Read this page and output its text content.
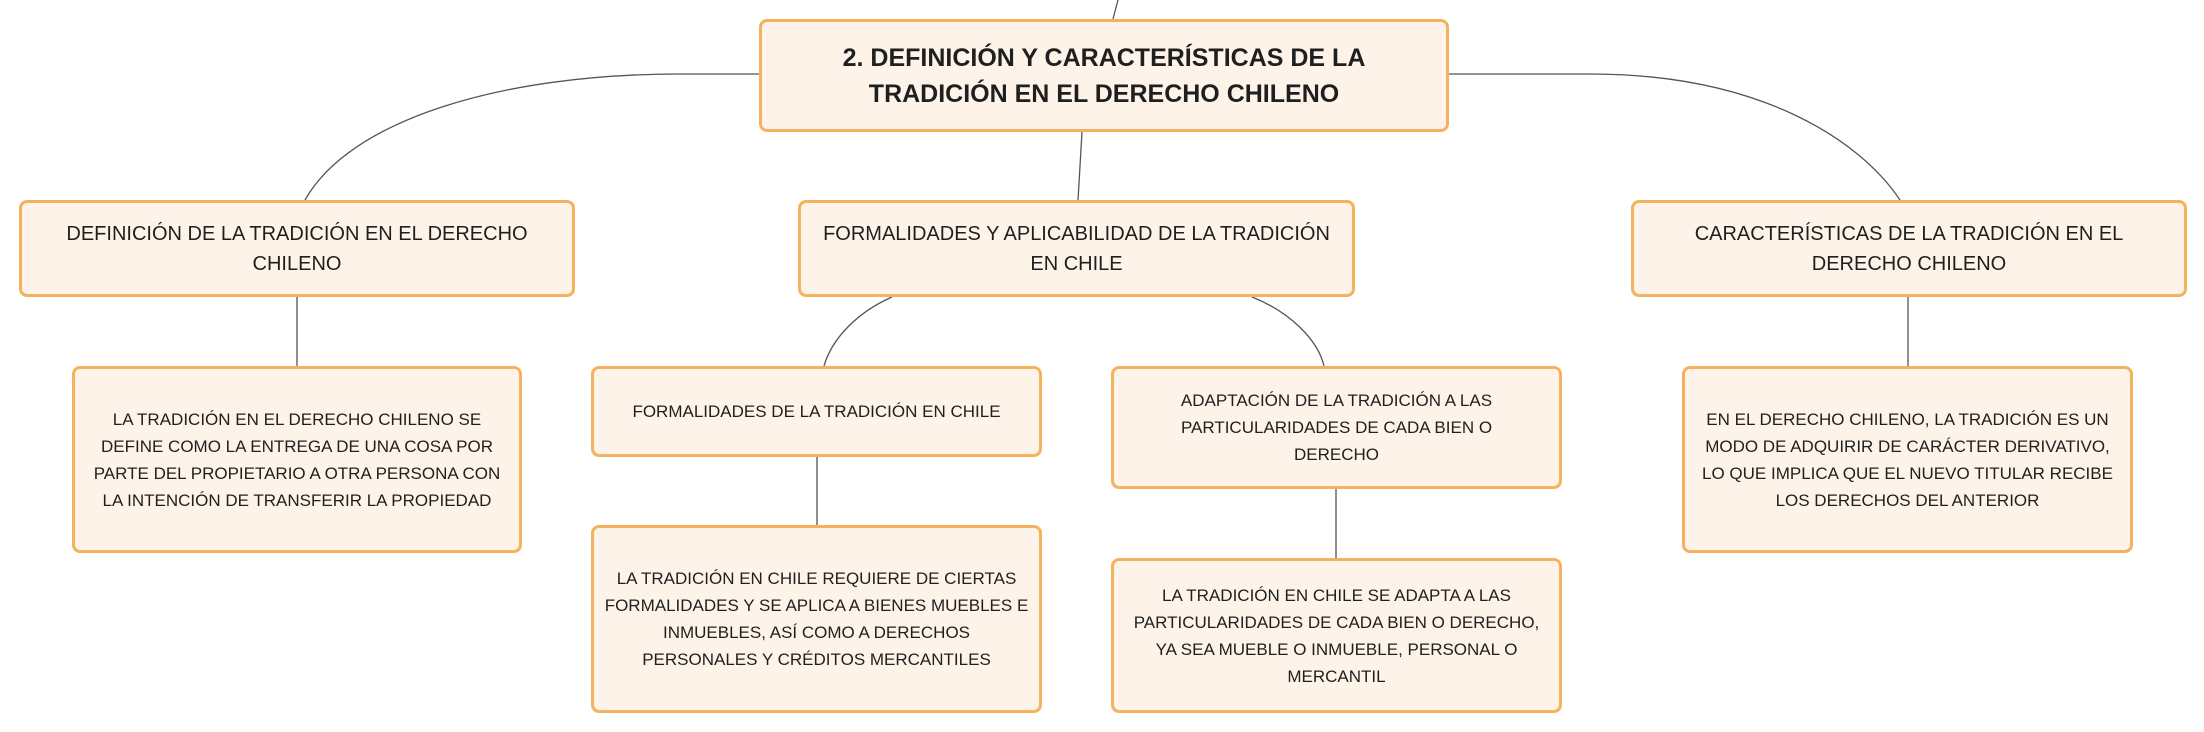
2. DEFINICIÓN Y CARACTERÍSTICAS DE LA TRADICIÓN EN EL DERECHO CHILENO
DEFINICIÓN DE LA TRADICIÓN EN EL DERECHO CHILENO
FORMALIDADES Y APLICABILIDAD DE LA TRADICIÓN EN CHILE
CARACTERÍSTICAS DE LA TRADICIÓN EN EL DERECHO CHILENO
LA TRADICIÓN EN EL DERECHO CHILENO SE DEFINE COMO LA ENTREGA DE UNA COSA POR PARTE DEL PROPIETARIO A OTRA PERSONA CON LA INTENCIÓN DE TRANSFERIR LA PROPIEDAD
FORMALIDADES DE LA TRADICIÓN EN CHILE
ADAPTACIÓN DE LA TRADICIÓN A LAS PARTICULARIDADES DE CADA BIEN O DERECHO
LA TRADICIÓN EN CHILE REQUIERE DE CIERTAS FORMALIDADES Y SE APLICA A BIENES MUEBLES E INMUEBLES, ASÍ COMO A DERECHOS PERSONALES Y CRÉDITOS MERCANTILES
LA TRADICIÓN EN CHILE SE ADAPTA A LAS PARTICULARIDADES DE CADA BIEN O DERECHO, YA SEA MUEBLE O INMUEBLE, PERSONAL O MERCANTIL
EN EL DERECHO CHILENO, LA TRADICIÓN ES UN MODO DE ADQUIRIR DE CARÁCTER DERIVATIVO, LO QUE IMPLICA QUE EL NUEVO TITULAR RECIBE LOS DERECHOS DEL ANTERIOR
